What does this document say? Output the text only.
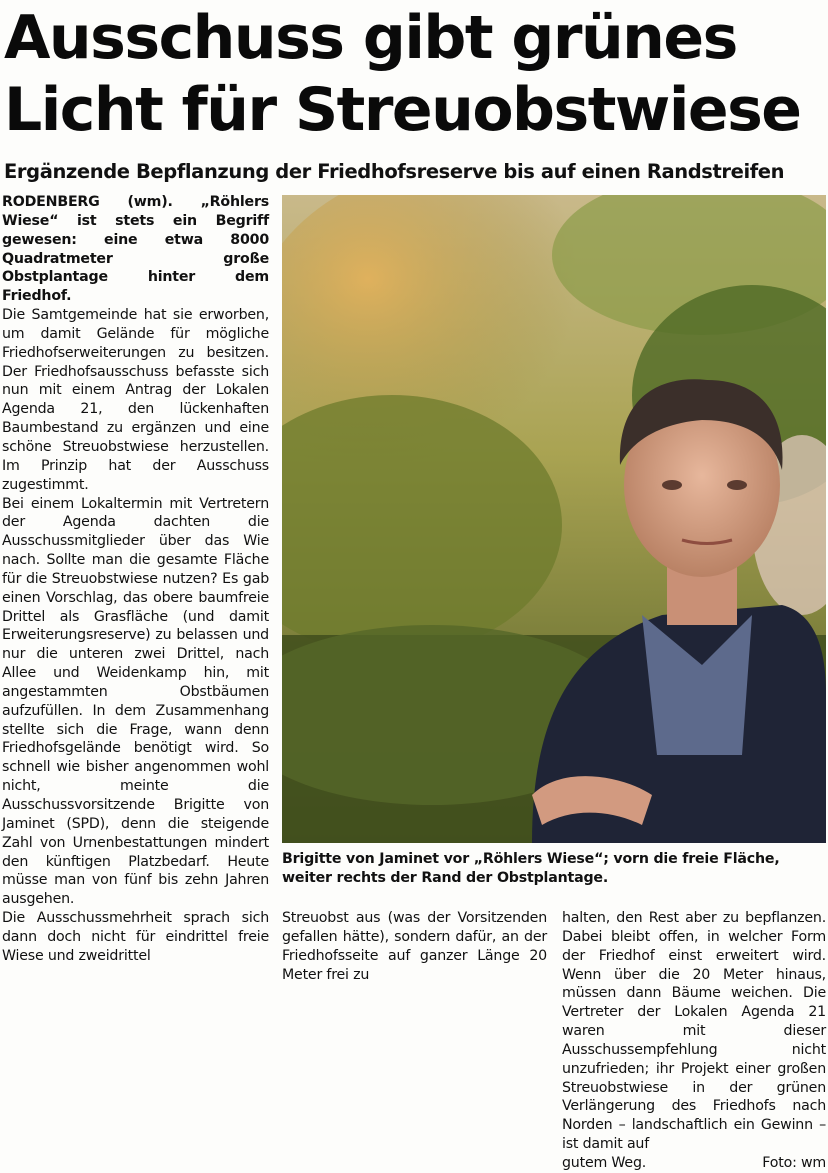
Ausschuss gibt grünes Licht für Streuobstwiese
Ergänzende Bepflanzung der Friedhofsreserve bis auf einen Randstreifen

RODENBERG (wm). „Röhlers Wiese“ ist stets ein Begriff gewesen: eine etwa 8000 Quadratmeter große Obstplantage hinter dem Friedhof.

Die Samtgemeinde hat sie erworben, um damit Gelände für mögliche Friedhofserweiterungen zu besitzen. Der Friedhofsausschuss befasste sich nun mit einem Antrag der Lokalen Agenda 21, den lückenhaften Baumbestand zu ergänzen und eine schöne Streuobstwiese herzustellen. Im Prinzip hat der Ausschuss zugestimmt.

Bei einem Lokaltermin mit Vertretern der Agenda dachten die Ausschussmitglieder über das Wie nach. Sollte man die gesamte Fläche für die Streuobstwiese nutzen? Es gab einen Vorschlag, das obere baumfreie Drittel als Grasfläche (und damit Erweiterungsreserve) zu belassen und nur die unteren zwei Drittel, nach Allee und Weidenkamp hin, mit angestammten Obstbäumen aufzufüllen. In dem Zusammenhang stellte sich die Frage, wann denn Friedhofsgelände benötigt wird. So schnell wie bisher angenommen wohl nicht, meinte die Ausschussvorsitzende Brigitte von Jaminet (SPD), denn die steigende Zahl von Urnenbestattungen mindert den künftigen Platzbedarf. Heute müsse man von fünf bis zehn Jahren ausgehen.

Die Ausschussmehrheit sprach sich dann doch nicht für eindrittel freie Wiese und zweidrittel

Brigitte von Jaminet vor „Röhlers Wiese“; vorn die freie Fläche, weiter rechts der Rand der Obstplantage.

Streuobst aus (was der Vorsitzenden gefallen hätte), sondern dafür, an der Friedhofsseite auf ganzer Länge 20 Meter frei zu

halten, den Rest aber zu bepflanzen. Dabei bleibt offen, in welcher Form der Friedhof einst erweitert wird. Wenn über die 20 Meter hinaus, müssen dann Bäume weichen. Die Vertreter der Lokalen Agenda 21 waren mit dieser Ausschussempfehlung nicht unzufrieden; ihr Projekt einer großen Streuobstwiese in der grünen Verlängerung des Friedhofs nach Norden – landschaftlich ein Gewinn – ist damit auf

gutem Weg.	Foto: wm
